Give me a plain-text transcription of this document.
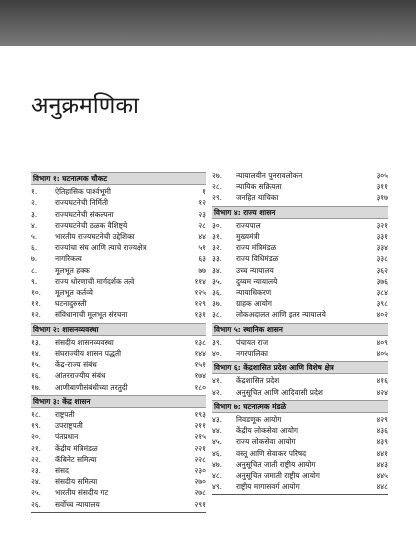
अनुक्रमणिका
विभाग १: घटनात्मक चौकट
१.	ऐतिहासिक पार्श्वभूमी	१
२.	राज्यघटनेची निर्मिती	१२
३.	राज्यघटनेची संकल्पना	२३
४.	राज्यघटनेची ठळक वैशिष्ट्ये	२८
५.	भारतीय राज्यघटनेची उद्देशिका	४४
६.	राज्यांचा संघ आणि त्याचे राज्यक्षेत्र	५१
७.	नागरिकत्व	६३
८.	मूलभूत हक्क	७७
९.	राज्य धोरणाची मार्गदर्शक तत्वे	११४
१०.	मूलभूत कर्तव्ये	१२५
११.	घटनादुरुस्ती	१२९
१२.	संविधानाची मूलभूत संरचना	१३१
विभाग २: शासनव्यवस्था
१३.	संसदीय शासनव्यवस्था	१३८
१४.	संघराज्यीय शासन पद्धती	१४४
१५.	केंद्र-राज्य संबंध	१५१
१६.	आंतरराज्यीय संबंध	१७४
१७.	आणीबाणीसंबंधीच्या तरतुदी	१८०
विभाग ३: केंद्र शासन
१८.	राष्ट्रपती	१९३
१९.	उपराष्ट्रपती	२११
२०.	पंतप्रधान	२१५
२१.	केंद्रीय मंत्रिमंडळ	२२१
२२.	कॅबिनेट समित्या	२२८
२३.	संसद	२३०
२४.	संसदीय समित्या	२७०
२५.	भारतीय संसदीय गट	२७८
२६.	सर्वोच्च न्यायालय	२९१
२७.	न्यायालयीन पुनरावलोकन	३०५
२८.	न्यायिक सक्रियता	३११
२९.	जनहित याचिका	३१७
विभाग ४: राज्य शासन
३०.	राज्यपाल	३२१
३१.	मुख्यमंत्री	३३१
३२.	राज्य मंत्रिमंडळ	३३४
३३.	राज्य विधिमंडळ	३३८
३४.	उच्च न्यायालय	३६२
३५.	दुय्यम न्यायालये	३७६
३६.	न्यायाधिकरण	३८४
३७.	ग्राहक आयोग	३९८
३८.	लोकअदालत आणि इतर न्यायालये	४०२
विभाग ५: स्थानिक शासन
३९.	पंचायत राज	४०९
४०.	नगरपालिका	४०५
विभाग ६: केंद्रशासित प्रदेश आणि विशेष क्षेत्र
४१.	केंद्रशासित प्रदेश	४१६
४२.	अनुसूचित आणि आदिवासी प्रदेश	४२४
विभाग ७: घटनात्मक मंडळे
४३.	निवडणूक आयोग	४२९
४४.	केंद्रीय लोकसेवा आयोग	४३६
४५.	राज्य लोकसेवा आयोग	४३९
४६.	वस्तू आणि सेवाकर परिषद	४४१
४७.	अनुसूचित जाती राष्ट्रीय आयोग	४४३
४८.	अनुसूचित जमाती राष्ट्रीय आयोग	४४५
४९.	राष्ट्रीय मागासवर्ग आयोग	४४८
